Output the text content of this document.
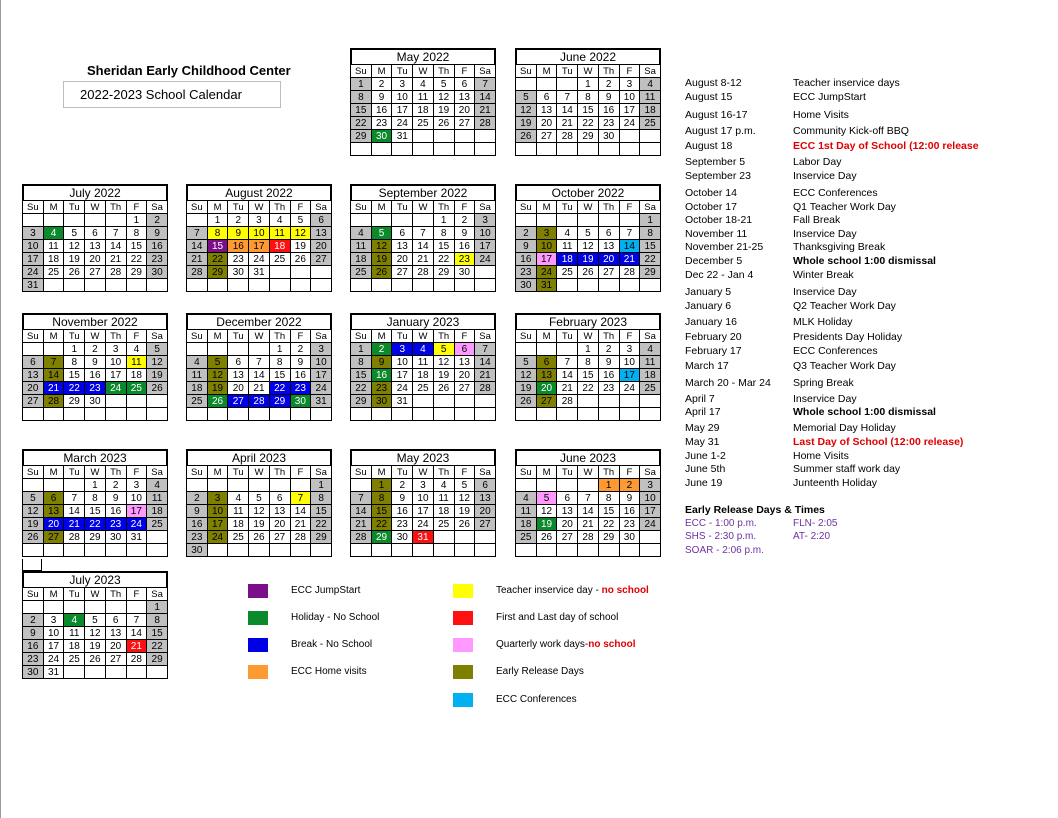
Sheridan Early Childhood Center
2022-2023 School Calendar
May 2022
Su	M	Tu	W	Th	F	Sa
1	2	3	4	5	6	7
8	9	10	11	12	13	14
15	16	17	18	19	20	21
22	23	24	25	26	27	28
29	30	31				

June 2022
Su	M	Tu	W	Th	F	Sa
			1	2	3	4
5	6	7	8	9	10	11
12	13	14	15	16	17	18
19	20	21	22	23	24	25
26	27	28	29	30		

July 2022
Su	M	Tu	W	Th	F	Sa
					1	2
3	4	5	6	7	8	9
10	11	12	13	14	15	16
17	18	19	20	21	22	23
24	25	26	27	28	29	30
31						
August 2022
Su	M	Tu	W	Th	F	Sa
	1	2	3	4	5	6
7	8	9	10	11	12	13
14	15	16	17	18	19	20
21	22	23	24	25	26	27
28	29	30	31			

September 2022
Su	M	Tu	W	Th	F	Sa
				1	2	3
4	5	6	7	8	9	10
11	12	13	14	15	16	17
18	19	20	21	22	23	24
25	26	27	28	29	30	

October 2022
Su	M	Tu	W	Th	F	Sa
						1
2	3	4	5	6	7	8
9	10	11	12	13	14	15
16	17	18	19	20	21	22
23	24	25	26	27	28	29
30	31					
November 2022
Su	M	Tu	W	Th	F	Sa
		1	2	3	4	5
6	7	8	9	10	11	12
13	14	15	16	17	18	19
20	21	22	23	24	25	26
27	28	29	30			

December 2022
Su	M	Tu	W	Th	F	Sa
				1	2	3
4	5	6	7	8	9	10
11	12	13	14	15	16	17
18	19	20	21	22	23	24
25	26	27	28	29	30	31

January 2023
Su	M	Tu	W	Th	F	Sa
1	2	3	4	5	6	7
8	9	10	11	12	13	14
15	16	17	18	19	20	21
22	23	24	25	26	27	28
29	30	31				

February 2023
Su	M	Tu	W	Th	F	Sa
			1	2	3	4
5	6	7	8	9	10	11
12	13	14	15	16	17	18
19	20	21	22	23	24	25
26	27	28				

March 2023
Su	M	Tu	W	Th	F	Sa
			1	2	3	4
5	6	7	8	9	10	11
12	13	14	15	16	17	18
19	20	21	22	23	24	25
26	27	28	29	30	31	

April 2023
Su	M	Tu	W	Th	F	Sa
						1
2	3	4	5	6	7	8
9	10	11	12	13	14	15
16	17	18	19	20	21	22
23	24	25	26	27	28	29
30						
May 2023
Su	M	Tu	W	Th	F	Sa
	1	2	3	4	5	6
7	8	9	10	11	12	13
14	15	16	17	18	19	20
21	22	23	24	25	26	27
28	29	30	31			

June 2023
Su	M	Tu	W	Th	F	Sa
				1	2	3
4	5	6	7	8	9	10
11	12	13	14	15	16	17
18	19	20	21	22	23	24
25	26	27	28	29	30	

July 2023
Su	M	Tu	W	Th	F	Sa
						1
2	3	4	5	6	7	8
9	10	11	12	13	14	15
16	17	18	19	20	21	22
23	24	25	26	27	28	29
30	31					
August 8-12	Teacher inservice days
August 15	ECC JumpStart
August 16-17	Home Visits
August 17 p.m.	Community Kick-off BBQ
August 18	ECC 1st Day of School (12:00 release
September 5	Labor Day
September 23	Inservice Day
October 14	ECC Conferences
October 17	Q1 Teacher Work Day
October 18-21	Fall Break
November 11	Inservice Day
November 21-25	Thanksgiving Break
December 5	Whole school 1:00 dismissal
Dec 22 - Jan 4	Winter Break
January 5	Inservice Day
January 6	Q2 Teacher Work Day
January 16	MLK Holiday
February 20	Presidents Day Holiday
February 17	ECC Conferences
March 17	Q3 Teacher Work Day
March 20 - Mar 24 Spring Break
April 7	Inservice Day
April 17	Whole school 1:00 dismissal
May 29	Memorial Day Holiday
May 31	Last Day of School (12:00 release)
June 1-2	Home Visits
June 5th	Summer staff work day
June 19	Junteenth Holiday
ECC JumpStart
Holiday - No School
Break - No School
ECC Home visits
Teacher inservice day - no school
First and Last day of school
Quarterly work days-no school
Early Release Days
ECC Conferences
Early Release Days & Times
ECC - 1:00 p.m.	FLN- 2:05
SHS - 2:30 p.m.	AT- 2:20
SOAR - 2:06 p.m.
